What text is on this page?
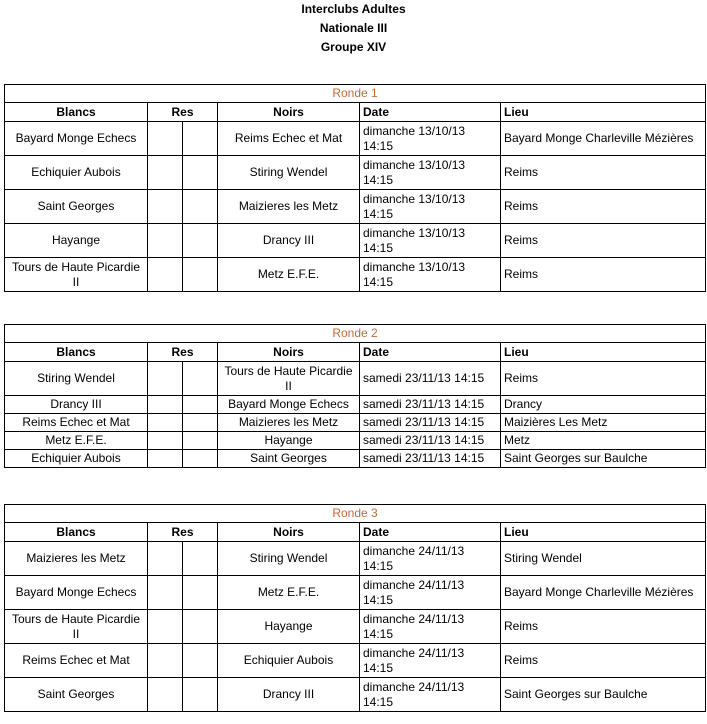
Interclubs Adultes
Nationale III
Groupe XIV
Ronde 1					
Blancs	Res		Noirs	Date	Lieu
Bayard Monge Echecs			Reims Echec et Mat	dimanche 13/10/13 14:15	Bayard Monge Charleville Mézières
Echiquier Aubois			Stiring Wendel	dimanche 13/10/13 14:15	Reims
Saint Georges			Maizieres les Metz	dimanche 13/10/13 14:15	Reims
Hayange			Drancy III	dimanche 13/10/13 14:15	Reims
Tours de Haute Picardie II			Metz E.F.E.	dimanche 13/10/13 14:15	Reims
Ronde 2					
Blancs	Res		Noirs	Date	Lieu
Stiring Wendel			Tours de Haute Picardie II	samedi 23/11/13 14:15	Reims
Drancy III			Bayard Monge Echecs	samedi 23/11/13 14:15	Drancy
Reims Echec et Mat			Maizieres les Metz	samedi 23/11/13 14:15	Maizières Les Metz
Metz E.F.E.			Hayange	samedi 23/11/13 14:15	Metz
Echiquier Aubois			Saint Georges	samedi 23/11/13 14:15	Saint Georges sur Baulche
Ronde 3					
Blancs	Res		Noirs	Date	Lieu
Maizieres les Metz			Stiring Wendel	dimanche 24/11/13 14:15	Stiring Wendel
Bayard Monge Echecs			Metz E.F.E.	dimanche 24/11/13 14:15	Bayard Monge Charleville Mézières
Tours de Haute Picardie II			Hayange	dimanche 24/11/13 14:15	Reims
Reims Echec et Mat			Echiquier Aubois	dimanche 24/11/13 14:15	Reims
Saint Georges			Drancy III	dimanche 24/11/13 14:15	Saint Georges sur Baulche
